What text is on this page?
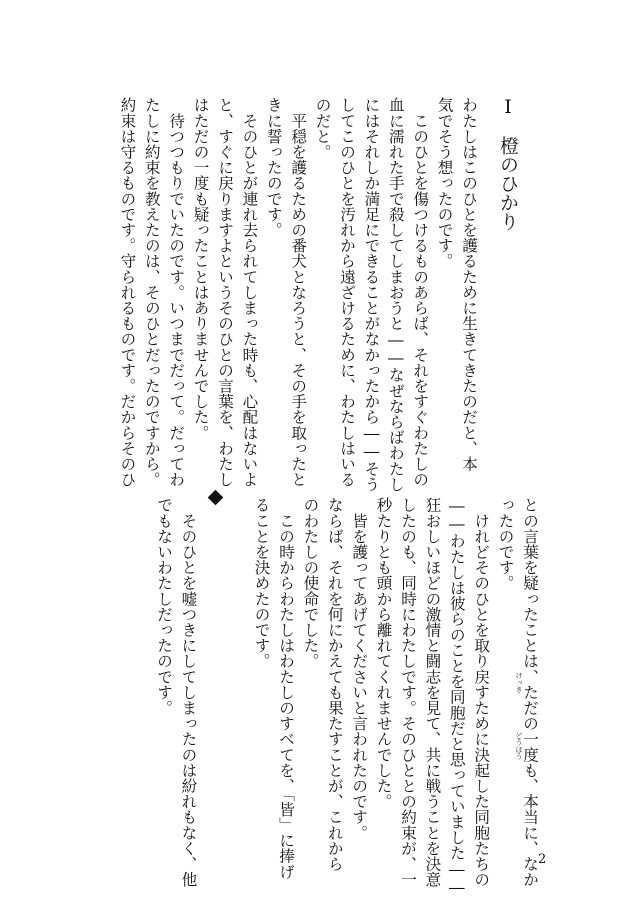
Ⅰ橙のひかり
わたしはこのひとを護るために生きてきたのだと、本
気でそう想ったのです。
　このひとを傷つけるものあらば、それをすぐわたしの
血に濡れた手で殺してしまおうと――なぜならばわたし
にはそれしか満足にできることがなかったから――そう
してこのひとを汚れから遠ざけるために、わたしはいる
のだと。
　平穏を護るための番犬となろうと、その手を取ったと
きに誓ったのです。
　そのひとが連れ去られてしまった時も、心配はないよ
と、すぐに戻りますよというそのひとの言葉を、わたし
はただの一度も疑ったことはありませんでした。
　待つつもりでいたのです。いつまでだって。だってわ
たしに約束を教えたのは、そのひとだったのですから。
約束は守るものです。守られるものです。だからそのひ
との言葉を疑ったことは、ただの一度も、本当に、なか
ったのです。
　けれどそのひとを取り戻すために決起した同胞たちの
――わたしは彼らのことを同胞だと思っていました――
狂おしいほどの激情と闘志を見て、共に戦うことを決意
したのも、同時にわたしです。そのひととの約束が、一
秒たりとも頭から離れてくれませんでした。
　皆を護ってあげてくださいと言われたのです。
ならば、それを何にかえても果たすことが、これから
のわたしの使命でした。
　この時からわたしはわたしのすべてを、「皆」に捧げ
ることを決めたのです。
　そのひとを嘘つきにしてしまったのは紛れもなく、他
でもないわたしだったのです。	けっき
どうほう
2
